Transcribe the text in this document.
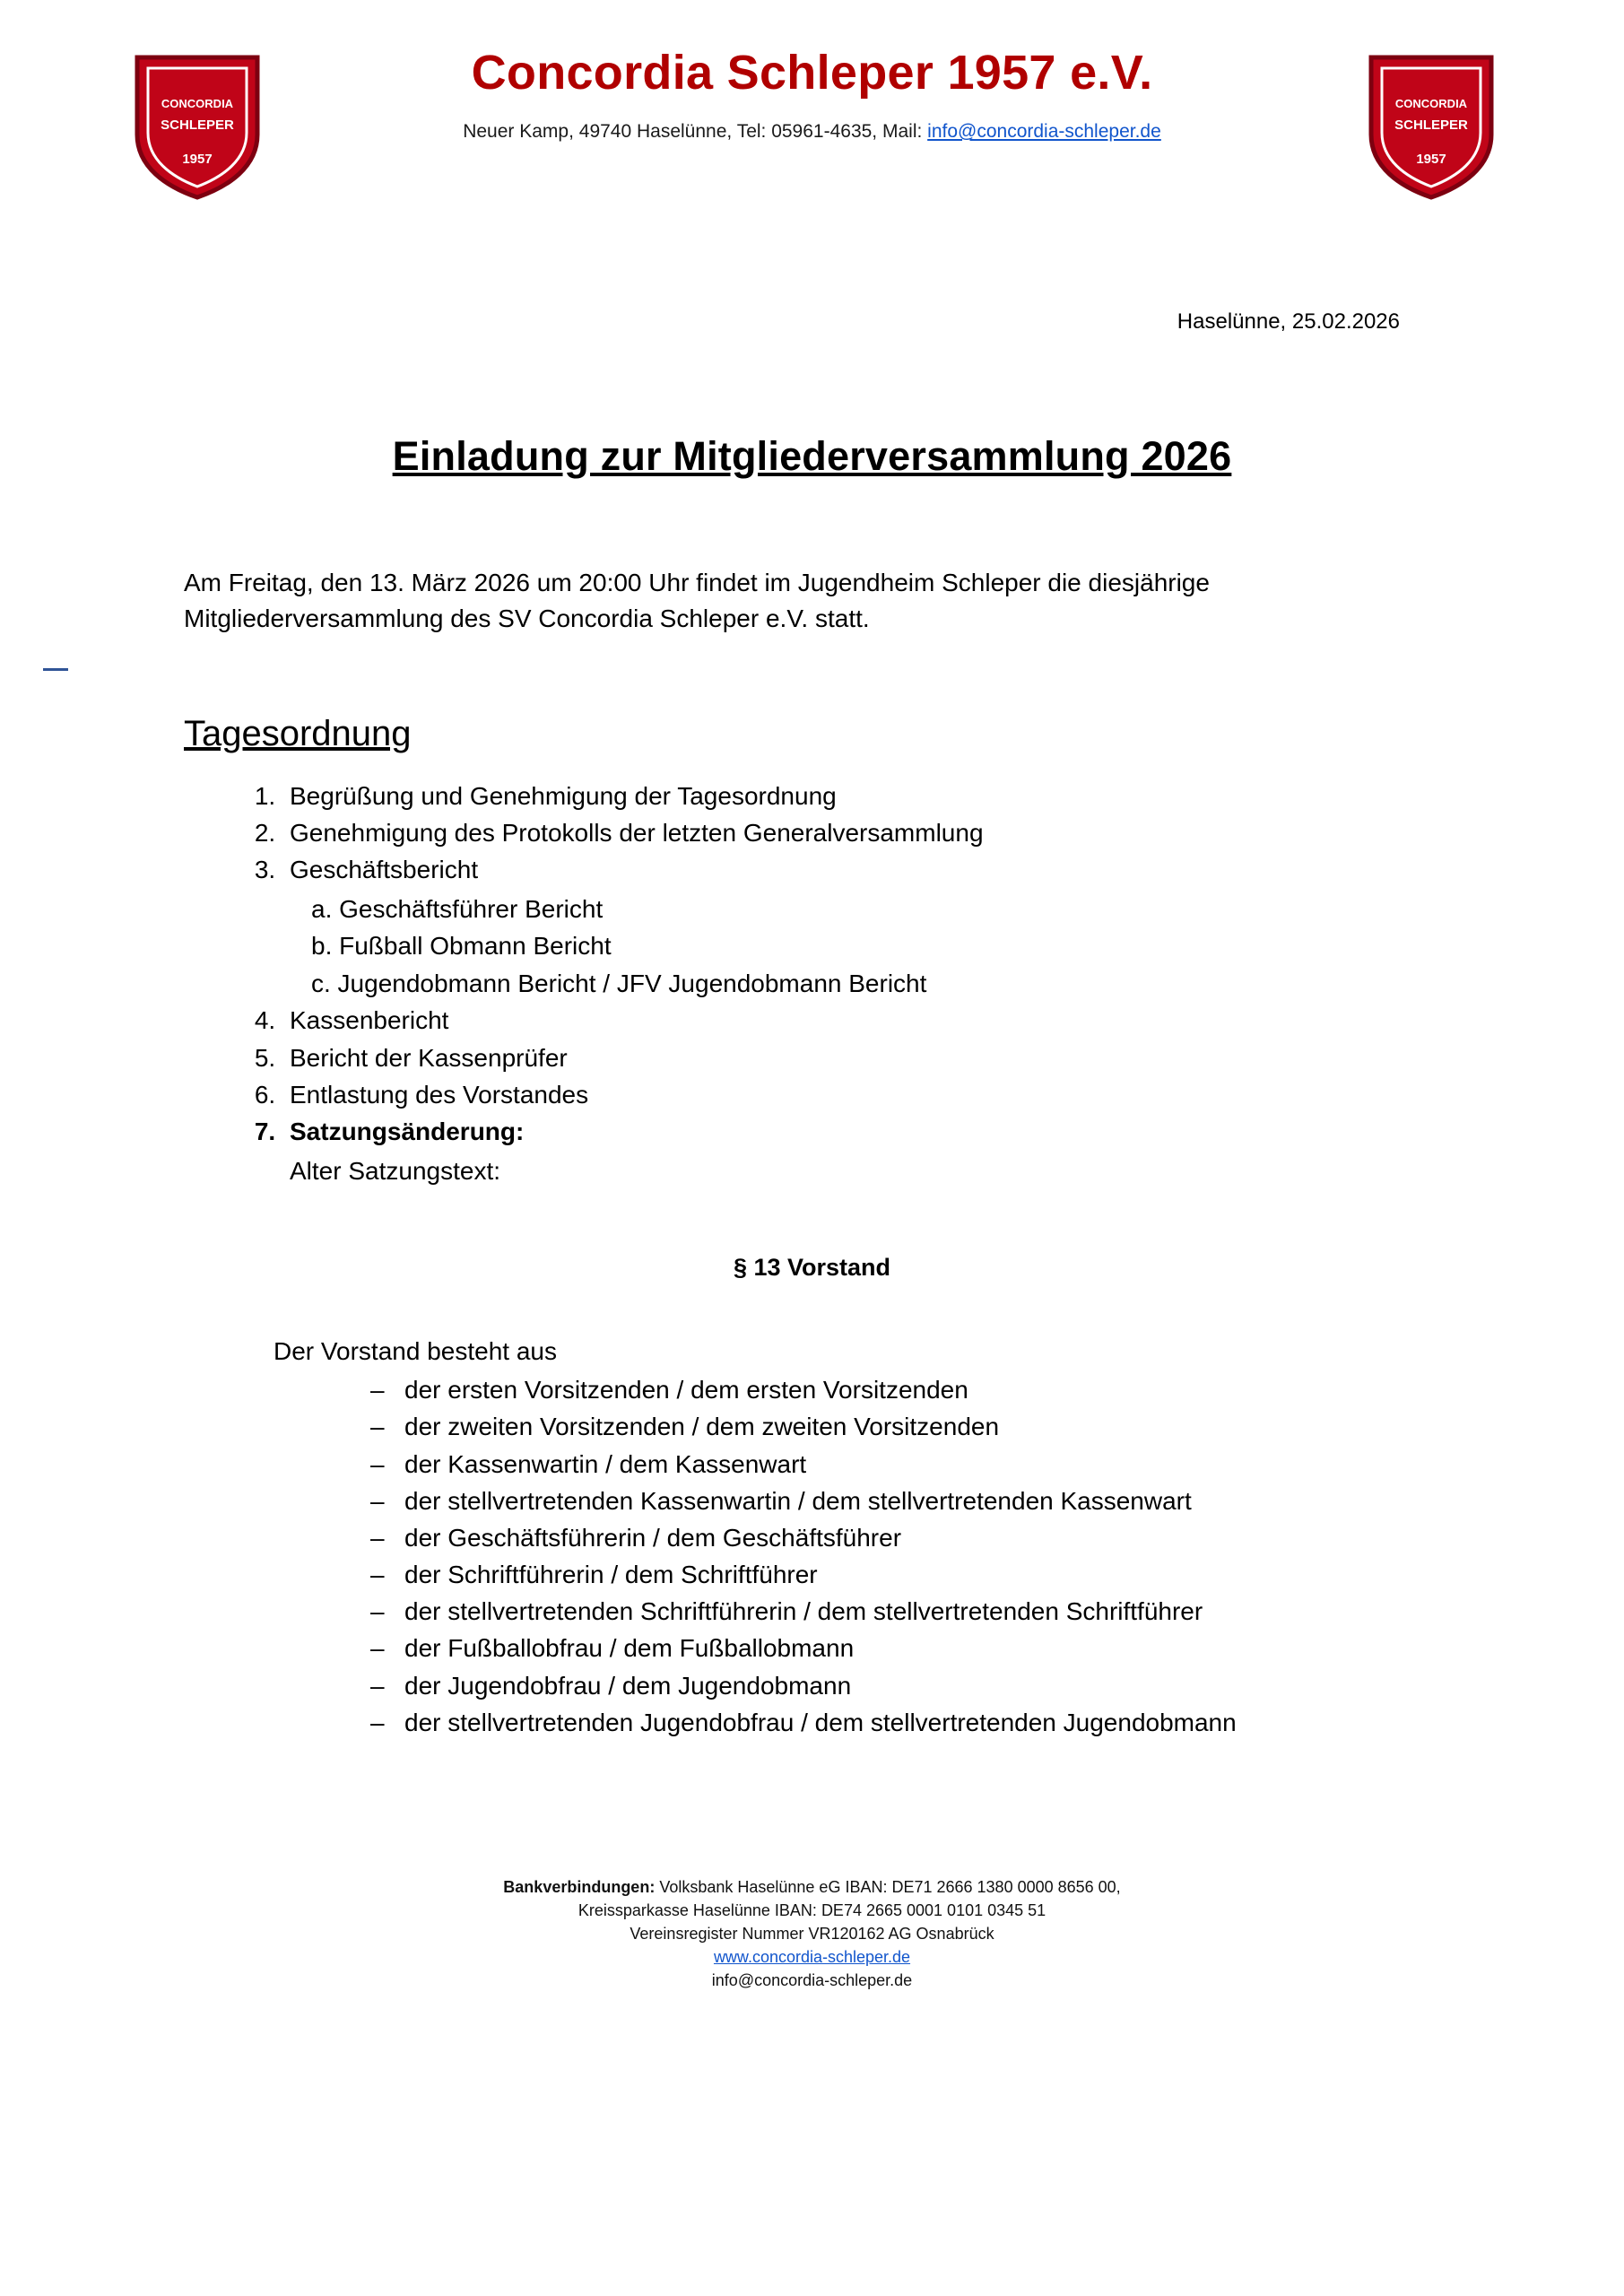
CONCORDIA
SCHLEPER
1957
Concordia Schleper 1957 e.V.
Neuer Kamp, 49740 Haselünne, Tel: 05961-4635, Mail: info@concordia-schleper.de
CONCORDIA
SCHLEPER
1957
Haselünne, 25.02.2026
Einladung zur Mitgliederversammlung 2026
Am Freitag, den 13. März 2026 um 20:00 Uhr findet im Jugendheim Schleper die diesjährige Mitgliederversammlung des SV Concordia Schleper e.V. statt.
Tagesordnung
1. Begrüßung und Genehmigung der Tagesordnung
2. Genehmigung des Protokolls der letzten Generalversammlung
3. Geschäftsbericht
a. Geschäftsführer Bericht
b. Fußball Obmann Bericht
c. Jugendobmann Bericht / JFV Jugendobmann Bericht
4. Kassenbericht
5. Bericht der Kassenprüfer
6. Entlastung des Vorstandes
7. Satzungsänderung:
Alter Satzungstext:
§ 13 Vorstand
Der Vorstand besteht aus
– der ersten Vorsitzenden / dem ersten Vorsitzenden
– der zweiten Vorsitzenden / dem zweiten Vorsitzenden
– der Kassenwartin / dem Kassenwart
– der stellvertretenden Kassenwartin / dem stellvertretenden Kassenwart
– der Geschäftsführerin / dem Geschäftsführer
– der Schriftführerin / dem Schriftführer
– der stellvertretenden Schriftführerin / dem stellvertretenden Schriftführer
– der Fußballobfrau / dem Fußballobmann
– der Jugendobfrau / dem Jugendobmann
– der stellvertretenden Jugendobfrau / dem stellvertretenden Jugendobmann
Bankverbindungen: Volksbank Haselünne eG IBAN: DE71 2666 1380 0000 8656 00,
Kreissparkasse Haselünne IBAN: DE74 2665 0001 0101 0345 51
Vereinsregister Nummer VR120162 AG Osnabrück
www.concordia-schleper.de
info@concordia-schleper.de
